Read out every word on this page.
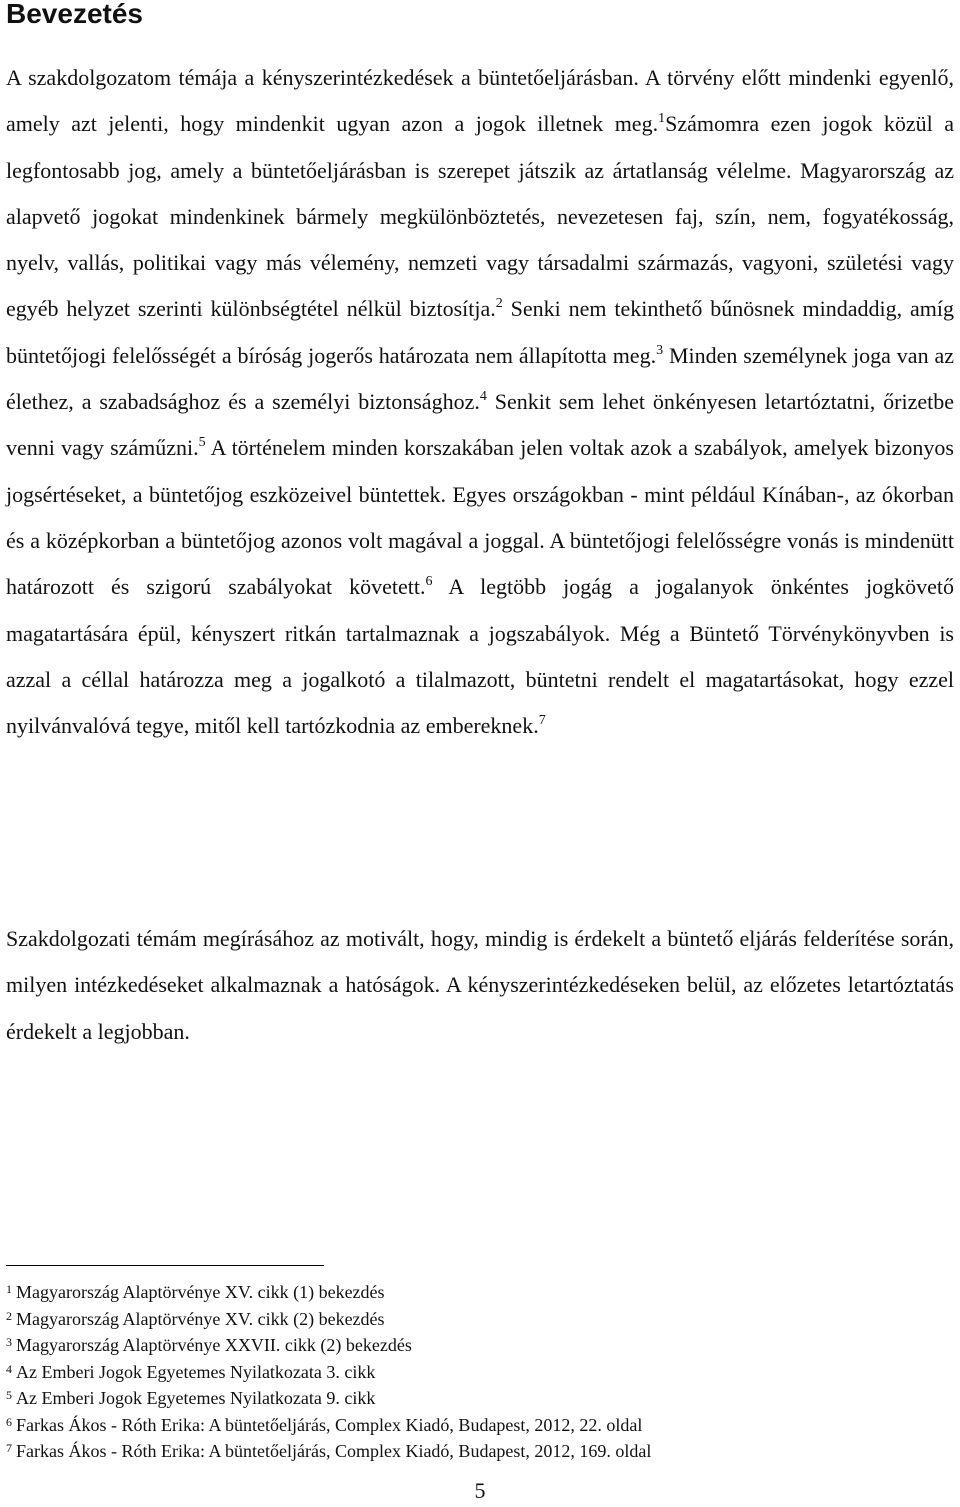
Bevezetés

A szakdolgozatom témája a kényszerintézkedések a büntetőeljárásban. A törvény előtt mindenki egyenlő, amely azt jelenti, hogy mindenkit ugyan azon a jogok illetnek meg.$^1$Számomra ezen jogok közül a legfontosabb jog, amely a büntetőeljárásban is szerepet játszik az ártatlanság vélelme. Magyarország az alapvető jogokat mindenkinek bármely megkülönböztetés, nevezetesen faj, szín, nem, fogyatékosság, nyelv, vallás, politikai vagy más vélemény, nemzeti vagy társadalmi származás, vagyoni, születési vagy egyéb helyzet szerinti különbségtétel nélkül biztosítja.$^2$ Senki nem tekinthető bűnösnek mindaddig, amíg büntetőjogi felelősségét a bíróság jogerős határozata nem állapította meg.$^3$ Minden személynek joga van az élethez, a szabadsághoz és a személyi biztonsághoz.$^4$ Senkit sem lehet önkényesen letartóztatni, őrizetbe venni vagy száműzni.$^5$ A történelem minden korszakában jelen voltak azok a szabályok, amelyek bizonyos jogsértéseket, a büntetőjog eszközeivel büntettek. Egyes országokban - mint például Kínában-, az ókorban és a középkorban a büntetőjog azonos volt magával a joggal. A büntetőjogi felelősségre vonás is mindenütt határozott és szigorú szabályokat követett.$^6$ A legtöbb jogág a jogalanyok önkéntes jogkövető magatartására épül, kényszert ritkán tartalmaznak a jogszabályok. Még a Büntető Törvénykönyvben is azzal a céllal határozza meg a jogalkotó a tilalmazott, büntetni rendelt el magatartásokat, hogy ezzel nyilvánvalóvá tegye, mitől kell tartózkodnia az embereknek.$^7$

Szakdolgozati témám megírásához az motivált, hogy, mindig is érdekelt a büntető eljárás felderítése során, milyen intézkedéseket alkalmaznak a hatóságok. A kényszerintézkedéseken belül, az előzetes letartóztatás érdekelt a legjobban.

$^1$ Magyarország Alaptörvénye XV. cikk (1) bekezdés
$^2$ Magyarország Alaptörvénye XV. cikk (2) bekezdés
$^3$ Magyarország Alaptörvénye XXVII. cikk (2) bekezdés
$^4$ Az Emberi Jogok Egyetemes Nyilatkozata 3. cikk
$^5$ Az Emberi Jogok Egyetemes Nyilatkozata 9. cikk
$^6$ Farkas Ákos - Róth Erika: A büntetőeljárás, Complex Kiadó, Budapest, 2012, 22. oldal
$^7$ Farkas Ákos - Róth Erika: A büntetőeljárás, Complex Kiadó, Budapest, 2012, 169. oldal
5
